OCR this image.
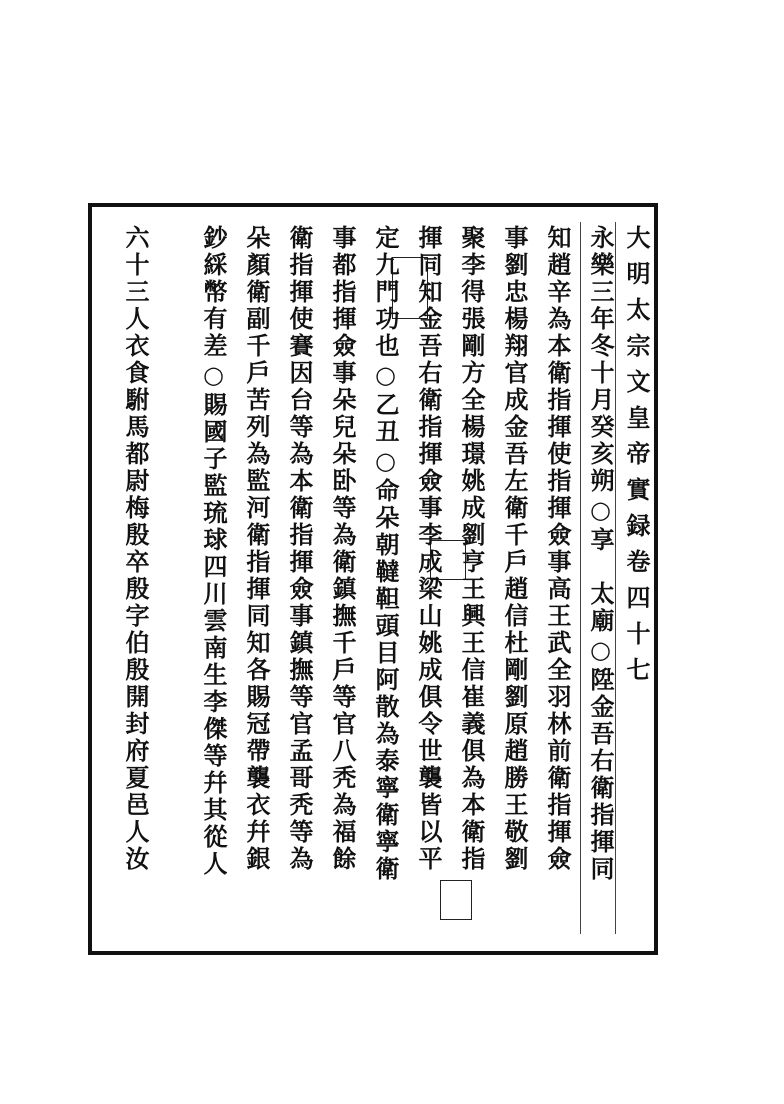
大明太宗文皇帝實録卷四十七
永樂三年冬十月癸亥朔○享　太廟○陞金吾右衛指揮同
知趙辛為本衛指揮使指揮僉事高王武全羽林前衛指揮僉
事劉忠楊翔官成金吾左衛千戶趙信杜剛劉原趙勝王敬劉
聚李得張剛方全楊璟姚成劉亨王興王信崔義俱為本衛指
揮同知金吾右衛指揮僉事李成梁山姚成俱令世襲皆以平
定九門功也○乙丑○命朵朝韃靼頭目阿散為泰寧衛寧衛
事都指揮僉事朵兒朵卧等為衛鎮撫千戶等官八秃為福餘
衛指揮使賽因台等為本衛指揮僉事鎮撫等官孟哥秃等為
朵顏衛副千戶苦列為監河衛指揮同知各賜冠帶襲衣幷銀
鈔綵幣有差○賜國子監琉球四川雲南生李傑等幷其從人
六十三人衣食駙馬都尉梅殷卒殷字伯殷開封府夏邑人汝
